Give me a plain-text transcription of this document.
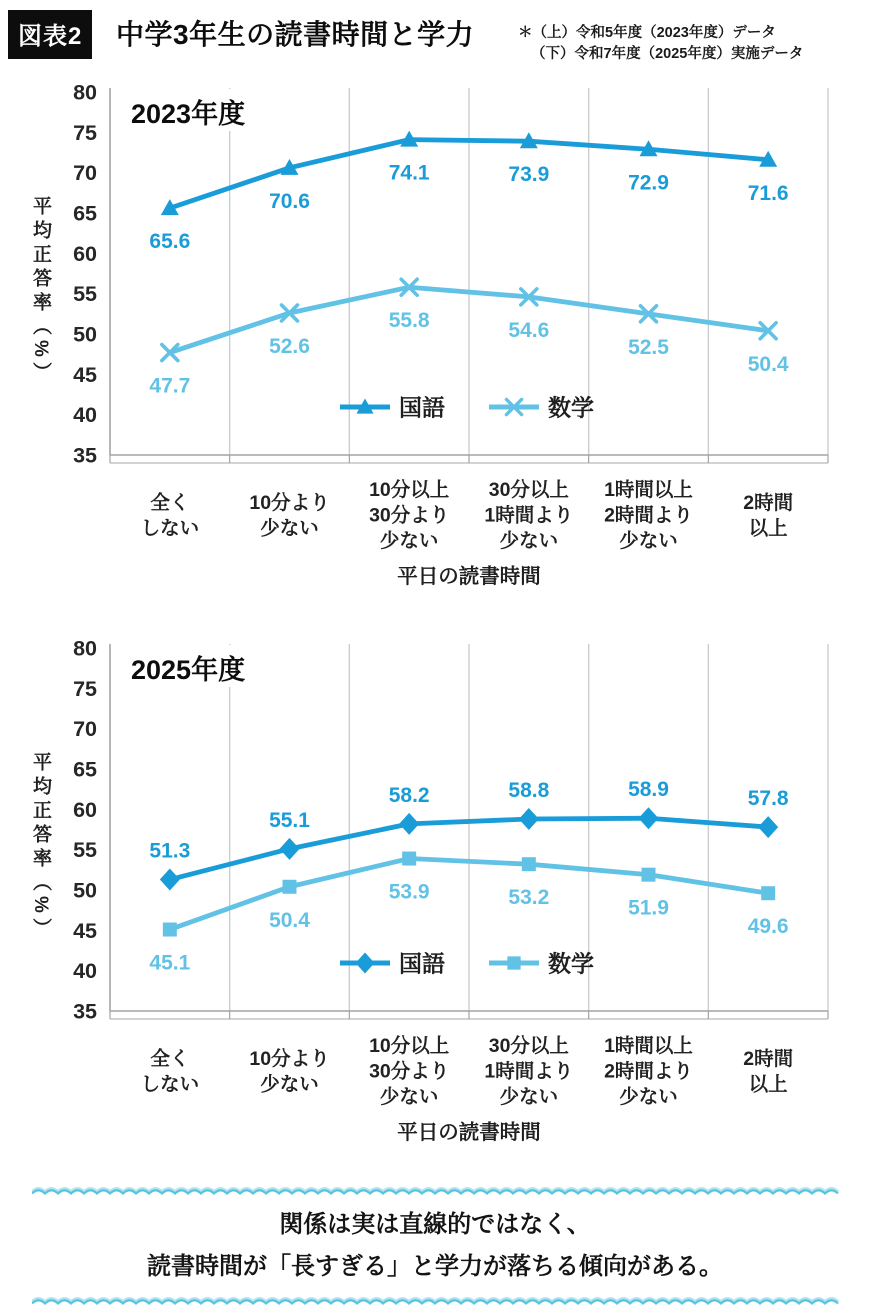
図表2	中学3年生の読書時間と学力	＊（上）令和5年度（2023年度）データ
（下）令和7年度（2025年度）実施データ
平均正答率（%）
80
75
70
65
60
55
50
45
40
35
2023年度
65.6
70.6
74.1	73.9	72.9	71.6
47.7
52.6
55.8	54.6
52.5
50.4
国語	数学
全く
しない
10分より
少ない
10分以上
30分より
少ない
30分以上
1時間より
少ない
1時間以上
2時間より
少ない
2時間
以上
平日の読書時間
平均正答率（%）
80
75
70
65
60
55
50
45
40
35
2025年度
51.3
55.1
58.2	58.8	58.9	57.8
45.1
50.4
53.9	53.2	51.9
49.6
国語	数学
全く
しない
10分より
少ない
10分以上
30分より
少ない
30分以上
1時間より
少ない
1時間以上
2時間より
少ない
2時間
以上
平日の読書時間
関係は実は直線的ではなく、
読書時間が「長すぎる」と学力が落ちる傾向がある。
